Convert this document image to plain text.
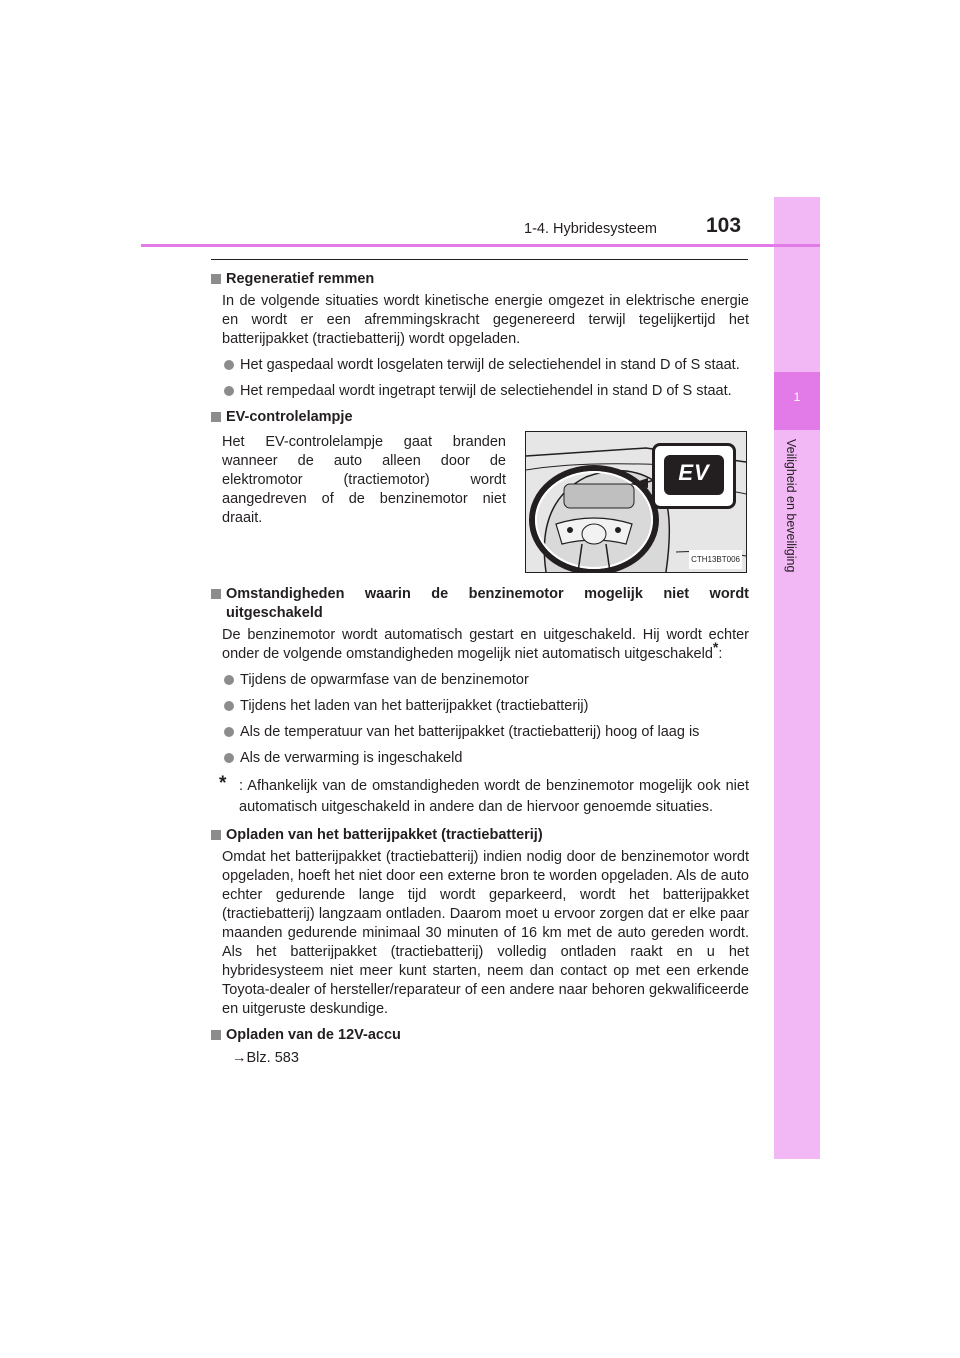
1
Veiligheid en beveiliging
1-4. Hybridesysteem 103
Regeneratief remmen
In de volgende situaties wordt kinetische energie omgezet in elektrische energie en wordt er een afremmingskracht gegenereerd terwijl tegelijkertijd het batterijpakket (tractiebatterij) wordt opgeladen.
Het gaspedaal wordt losgelaten terwijl de selectiehendel in stand D of S staat.
Het rempedaal wordt ingetrapt terwijl de selectiehendel in stand D of S staat.
EV-controlelampje
Het EV-controlelampje gaat branden wanneer de auto alleen door de elektromotor (tractiemotor) wordt aangedreven of de benzinemotor niet draait.
EV
CTH13BT006
Omstandigheden waarin de benzinemotor mogelijk niet wordt uitgeschakeld
De benzinemotor wordt automatisch gestart en uitgeschakeld. Hij wordt echter onder de volgende omstandigheden mogelijk niet automatisch uitgeschakeld*:
Tijdens de opwarmfase van de benzinemotor
Tijdens het laden van het batterijpakket (tractiebatterij)
Als de temperatuur van het batterijpakket (tractiebatterij) hoog of laag is
Als de verwarming is ingeschakeld
* : Afhankelijk van de omstandigheden wordt de benzinemotor mogelijk ook niet automatisch uitgeschakeld in andere dan de hiervoor genoemde situaties.
Opladen van het batterijpakket (tractiebatterij)
Omdat het batterijpakket (tractiebatterij) indien nodig door de benzinemotor wordt opgeladen, hoeft het niet door een externe bron te worden opgeladen. Als de auto echter gedurende lange tijd wordt geparkeerd, wordt het batterijpakket (tractiebatterij) langzaam ontladen. Daarom moet u ervoor zorgen dat er elke paar maanden gedurende minimaal 30 minuten of 16 km met de auto gereden wordt. Als het batterijpakket (tractiebatterij) volledig ontladen raakt en u het hybridesysteem niet meer kunt starten, neem dan contact op met een erkende Toyota-dealer of hersteller/reparateur of een andere naar behoren gekwalificeerde en uitgeruste deskundige.
Opladen van de 12V-accu
→Blz. 583
